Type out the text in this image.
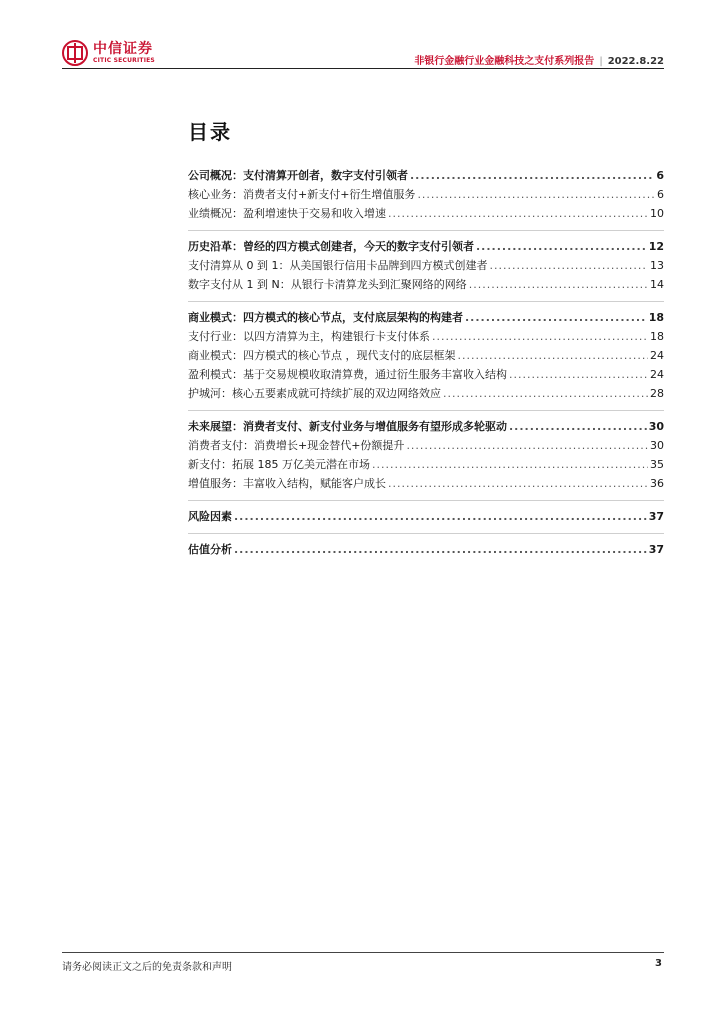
中信证券
CITIC SECURITIES	非银行金融行业金融科技之支付系列报告 | 2022.8.22
目录
公司概况：支付清算开创者，数字支付引领者 .....	6
核心业务：消费者支付+新支付+衍生增值服务 .....	6
业绩概况：盈利增速快于交易和收入增速 .....	10
历史沿革：曾经的四方模式创建者，今天的数字支付引领者 .....	12
支付清算从 0 到 1：从美国银行信用卡品牌到四方模式创建者 .....	13
数字支付从 1 到 N：从银行卡清算龙头到汇聚网络的网络 .....	14
商业模式：四方模式的核心节点，支付底层架构的构建者 .....	18
支付行业：以四方清算为主，构建银行卡支付体系 .....	18
商业模式：四方模式的核心节点 ，现代支付的底层框架 .....	24
盈利模式：基于交易规模收取清算费，通过衍生服务丰富收入结构 .....	24
护城河：核心五要素成就可持续扩展的双边网络效应 .....	28
未来展望：消费者支付、新支付业务与增值服务有望形成多轮驱动 .....	30
消费者支付：消费增长+现金替代+份额提升 .....	30
新支付：拓展 185 万亿美元潜在市场 .....	35
增值服务：丰富收入结构，赋能客户成长 .....	36
风险因素 .....	37
估值分析 .....	37
请务必阅读正文之后的免责条款和声明	3
